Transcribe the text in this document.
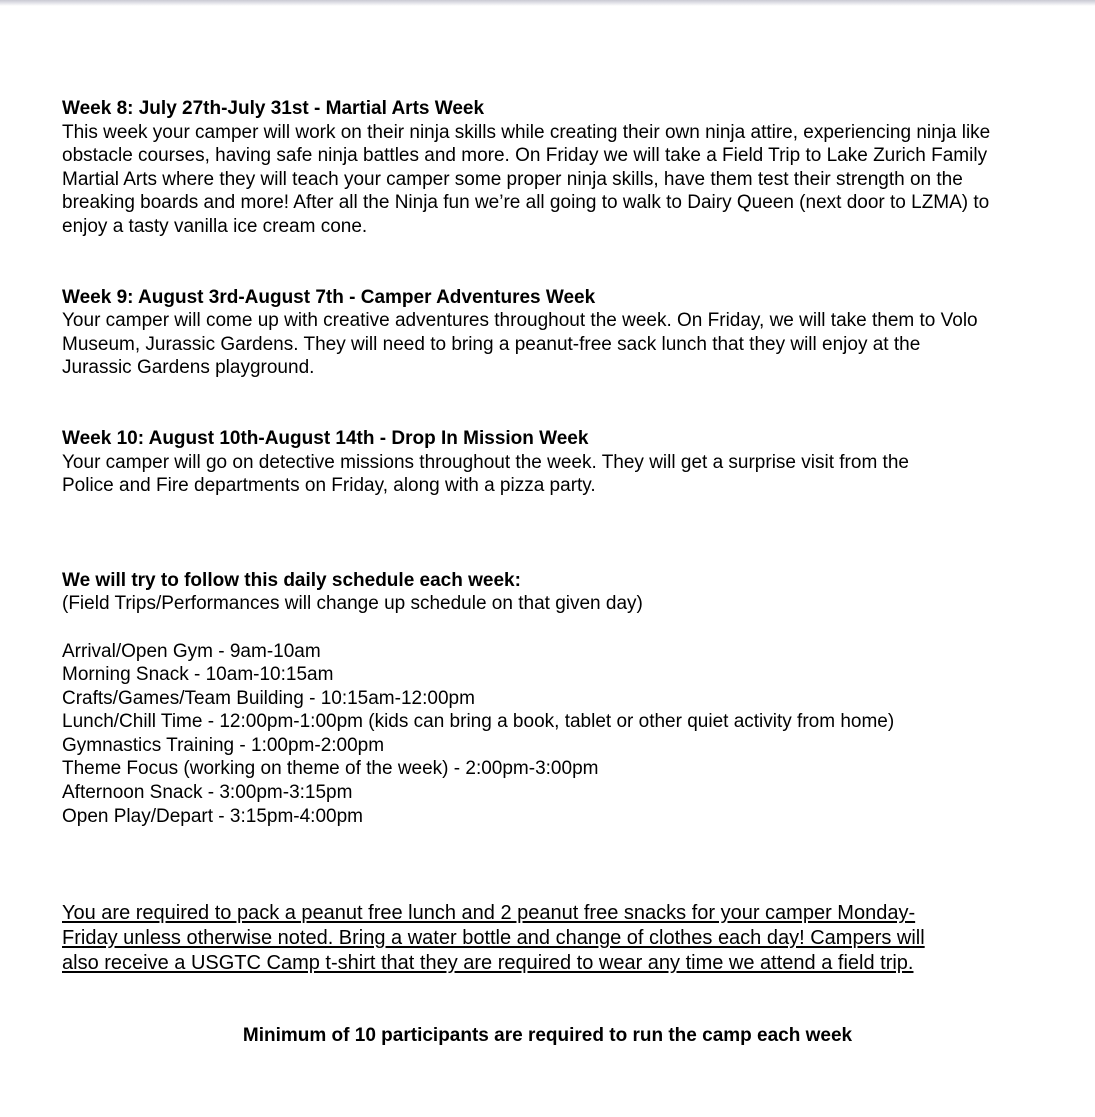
Week 8: July 27th-July 31st - Martial Arts Week
This week your camper will work on their ninja skills while creating their own ninja attire, experiencing ninja like
obstacle courses, having safe ninja battles and more. On Friday we will take a Field Trip to Lake Zurich Family
Martial Arts where they will teach your camper some proper ninja skills, have them test their strength on the
breaking boards and more! After all the Ninja fun we’re all going to walk to Dairy Queen (next door to LZMA) to
enjoy a tasty vanilla ice cream cone.
Week 9: August 3rd-August 7th - Camper Adventures Week
Your camper will come up with creative adventures throughout the week. On Friday, we will take them to Volo
Museum, Jurassic Gardens. They will need to bring a peanut-free sack lunch that they will enjoy at the
Jurassic Gardens playground.
Week 10: August 10th-August 14th - Drop In Mission Week
Your camper will go on detective missions throughout the week. They will get a surprise visit from the
Police and Fire departments on Friday, along with a pizza party.
We will try to follow this daily schedule each week:
(Field Trips/Performances will change up schedule on that given day)
Arrival/Open Gym - 9am-10am
Morning Snack - 10am-10:15am
Crafts/Games/Team Building - 10:15am-12:00pm
Lunch/Chill Time - 12:00pm-1:00pm (kids can bring a book, tablet or other quiet activity from home)
Gymnastics Training - 1:00pm-2:00pm
Theme Focus (working on theme of the week) - 2:00pm-3:00pm
Afternoon Snack - 3:00pm-3:15pm
Open Play/Depart - 3:15pm-4:00pm
You are required to pack a peanut free lunch and 2 peanut free snacks for your camper Monday-
Friday unless otherwise noted. Bring a water bottle and change of clothes each day! Campers will
also receive a USGTC Camp t-shirt that they are required to wear any time we attend a field trip.
Minimum of 10 participants are required to run the camp each week
